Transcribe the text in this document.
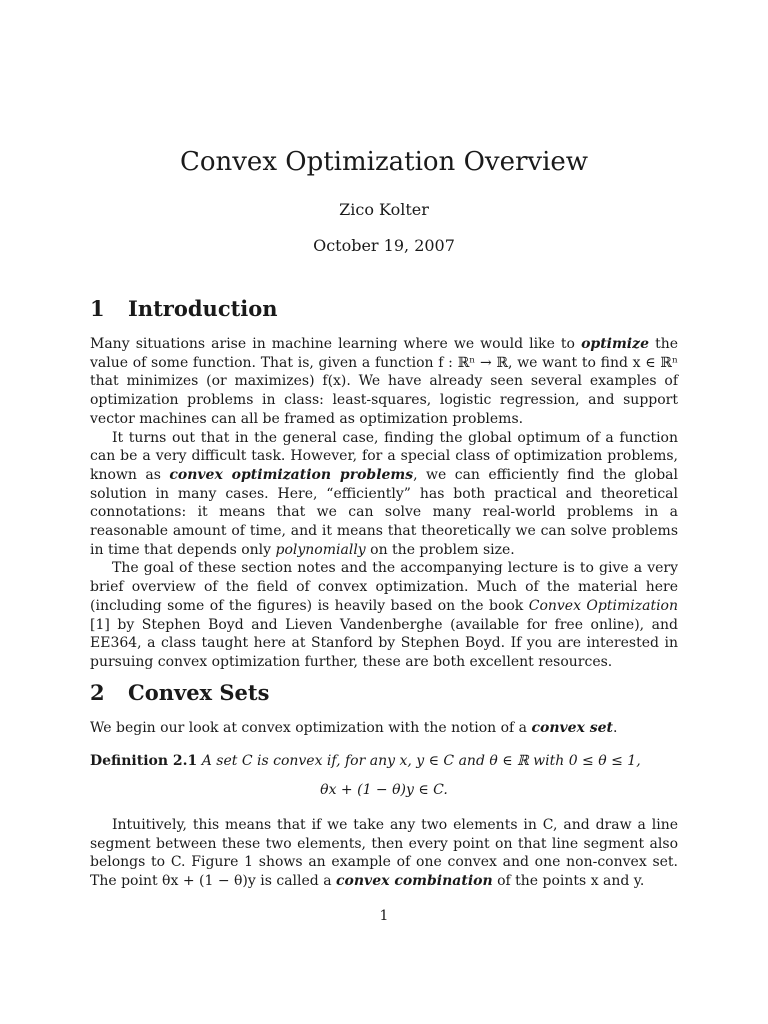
Convex Optimization Overview
Zico Kolter
October 19, 2007
1 Introduction

Many situations arise in machine learning where we would like to optimize the value of some function. That is, given a function f : ℝⁿ → ℝ, we want to find x ∈ ℝⁿ that minimizes (or maximizes) f(x). We have already seen several examples of optimization problems in class: least-squares, logistic regression, and support vector machines can all be framed as optimization problems.

It turns out that in the general case, finding the global optimum of a function can be a very difficult task. However, for a special class of optimization problems, known as convex optimization problems, we can efficiently find the global solution in many cases. Here, “efficiently” has both practical and theoretical connotations: it means that we can solve many real-world problems in a reasonable amount of time, and it means that theoretically we can solve problems in time that depends only polynomially on the problem size.

The goal of these section notes and the accompanying lecture is to give a very brief overview of the field of convex optimization. Much of the material here (including some of the figures) is heavily based on the book Convex Optimization [1] by Stephen Boyd and Lieven Vandenberghe (available for free online), and EE364, a class taught here at Stanford by Stephen Boyd. If you are interested in pursuing convex optimization further, these are both excellent resources.

2 Convex Sets

We begin our look at convex optimization with the notion of a convex set.

Definition 2.1 A set C is convex if, for any x, y ∈ C and θ ∈ ℝ with 0 ≤ θ ≤ 1,
θx + (1 − θ)y ∈ C.

Intuitively, this means that if we take any two elements in C, and draw a line segment between these two elements, then every point on that line segment also belongs to C. Figure 1 shows an example of one convex and one non-convex set. The point θx + (1 − θ)y is called a convex combination of the points x and y.

1
